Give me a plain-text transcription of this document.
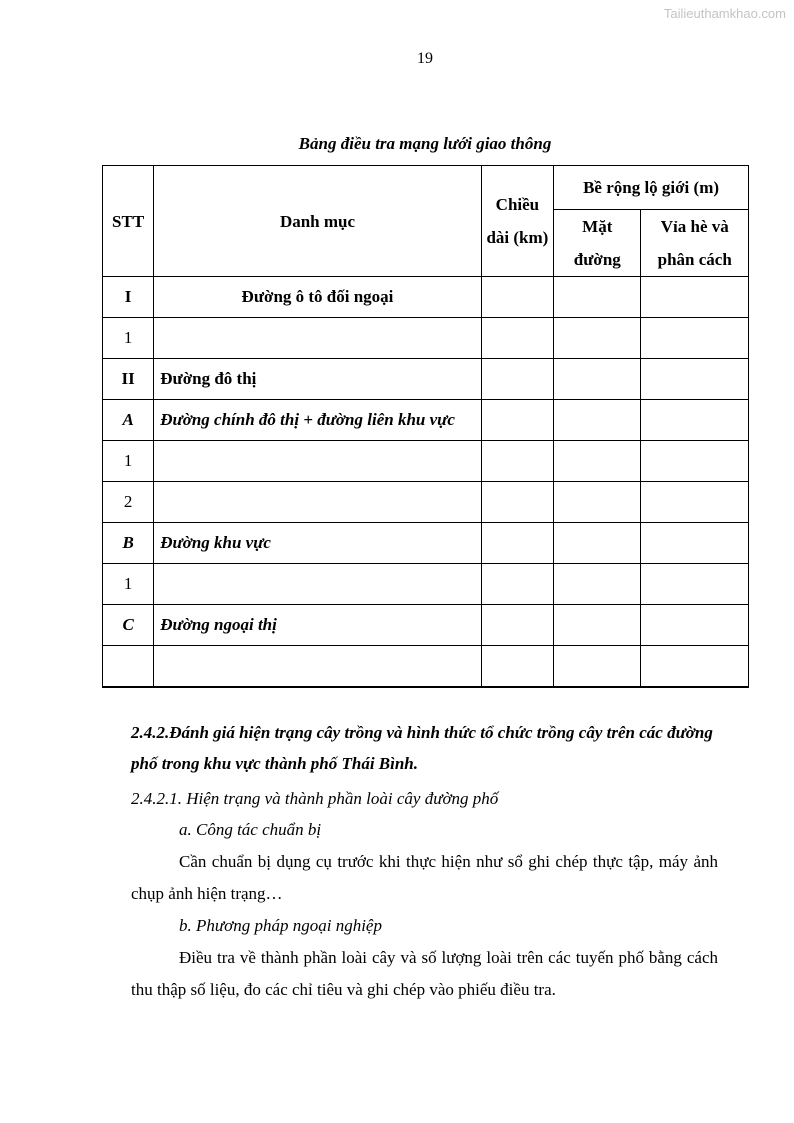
Tailieuthamkhao.com
19
Bảng điều tra mạng lưới giao thông
STT	Danh mục	Chiều dài (km)	Bề rộng lộ giới (m)	
			Mặt đường	Vỉa hè và phân cách
I	Đường ô tô đối ngoại			
1				
II	Đường đô thị			
A	Đường chính đô thị + đường liên khu vực			
1				
2				
B	Đường khu vực			
1				
C	Đường ngoại thị			

2.4.2.Đánh giá hiện trạng cây trồng và hình thức tổ chức trồng cây trên các đường phố trong khu vực thành phố Thái Bình.
2.4.2.1. Hiện trạng và thành phần loài cây đường phố
a. Công tác chuẩn bị
Cần chuẩn bị dụng cụ trước khi thực hiện như sổ ghi chép thực tập, máy ảnh chụp ảnh hiện trạng…
b. Phương pháp ngoại nghiệp
Điều tra về thành phần loài cây và số lượng loài trên các tuyến phố bằng cách thu thập số liệu, đo các chỉ tiêu và ghi chép vào phiếu điều tra.
